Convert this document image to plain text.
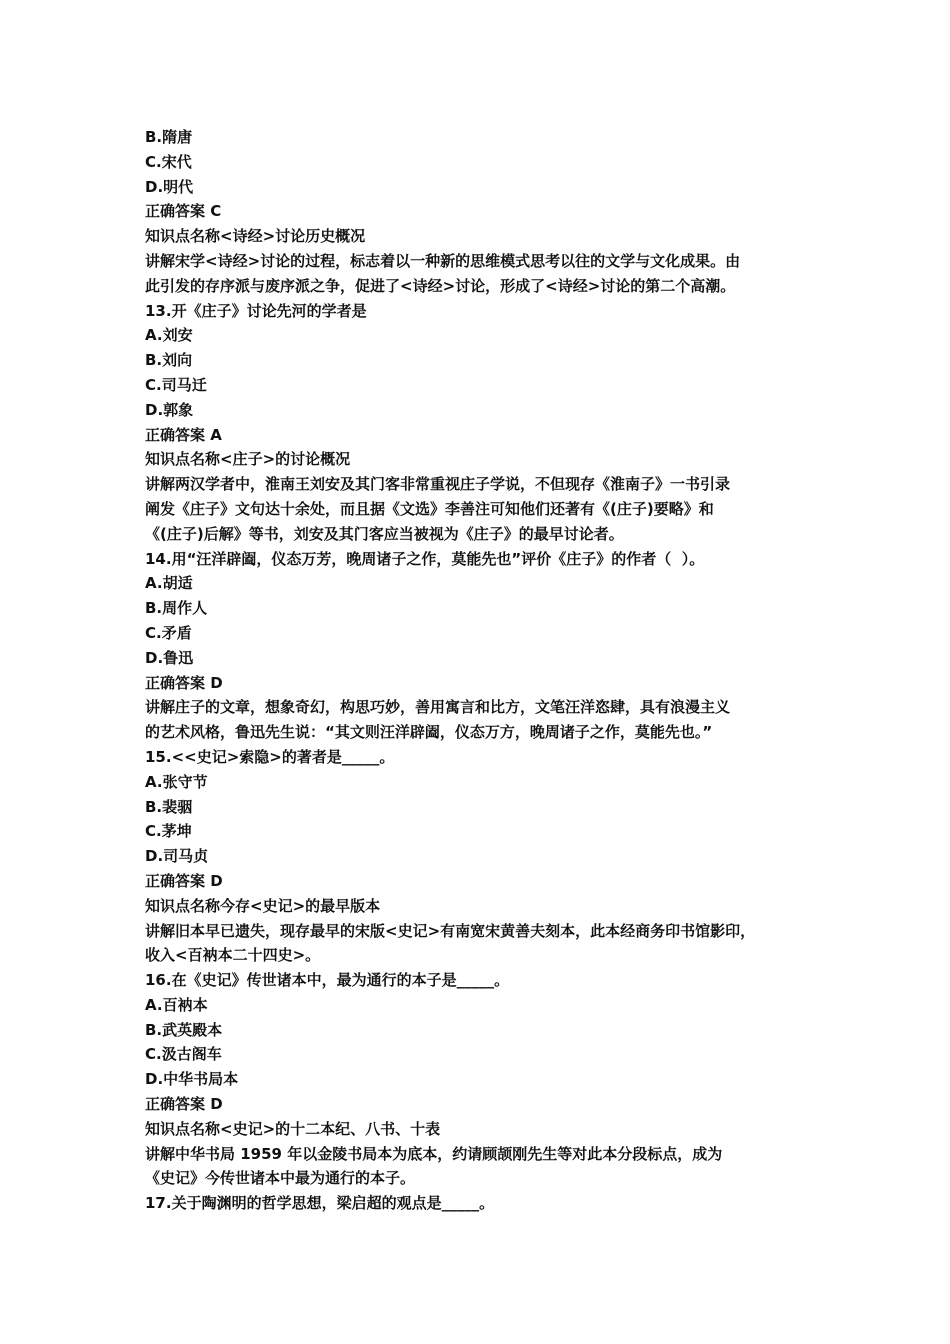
B.隋唐
C.宋代
D.明代
正确答案 C
知识点名称<诗经>讨论历史概况
讲解宋学<诗经>讨论的过程，标志着以一种新的思维模式思考以往的文学与文化成果。由
此引发的存序派与废序派之争，促进了<诗经>讨论，形成了<诗经>讨论的第二个高潮。
13.开《庄子》讨论先河的学者是
A.刘安
B.刘向
C.司马迁
D.郭象
正确答案 A
知识点名称<庄子>的讨论概况
讲解两汉学者中，淮南王刘安及其门客非常重视庄子学说，不但现存《淮南子》一书引录
阐发《庄子》文句达十余处，而且据《文选》李善注可知他们还著有《(庄子)要略》和
《(庄子)后解》等书，刘安及其门客应当被视为《庄子》的最早讨论者。
14.用“汪洋辟阖，仪态万芳，晚周诸子之作，莫能先也”评价《庄子》的作者（  ）。
A.胡适
B.周作人
C.矛盾
D.鲁迅
正确答案 D
讲解庄子的文章，想象奇幻，构思巧妙，善用寓言和比方，文笔汪洋恣肆，具有浪漫主义
的艺术风格，鲁迅先生说：“其文则汪洋辟阖，仪态万方，晚周诸子之作，莫能先也。”
15.<<史记>索隐>的著者是_____。
A.张守节
B.裴骃
C.茅坤
D.司马贞
正确答案 D
知识点名称今存<史记>的最早版本
讲解旧本早已遗失，现存最早的宋版<史记>有南宽宋黄善夫刻本，此本经商务印书馆影印，
收入<百衲本二十四史>。
16.在《史记》传世诸本中，最为通行的本子是_____。
A.百衲本
B.武英殿本
C.汲古阁车
D.中华书局本
正确答案 D
知识点名称<史记>的十二本纪、八书、十表
讲解中华书局 1959 年以金陵书局本为底本，约请顾颉刚先生等对此本分段标点，成为
《史记》今传世诸本中最为通行的本子。
17.关于陶渊明的哲学思想，梁启超的观点是_____。
